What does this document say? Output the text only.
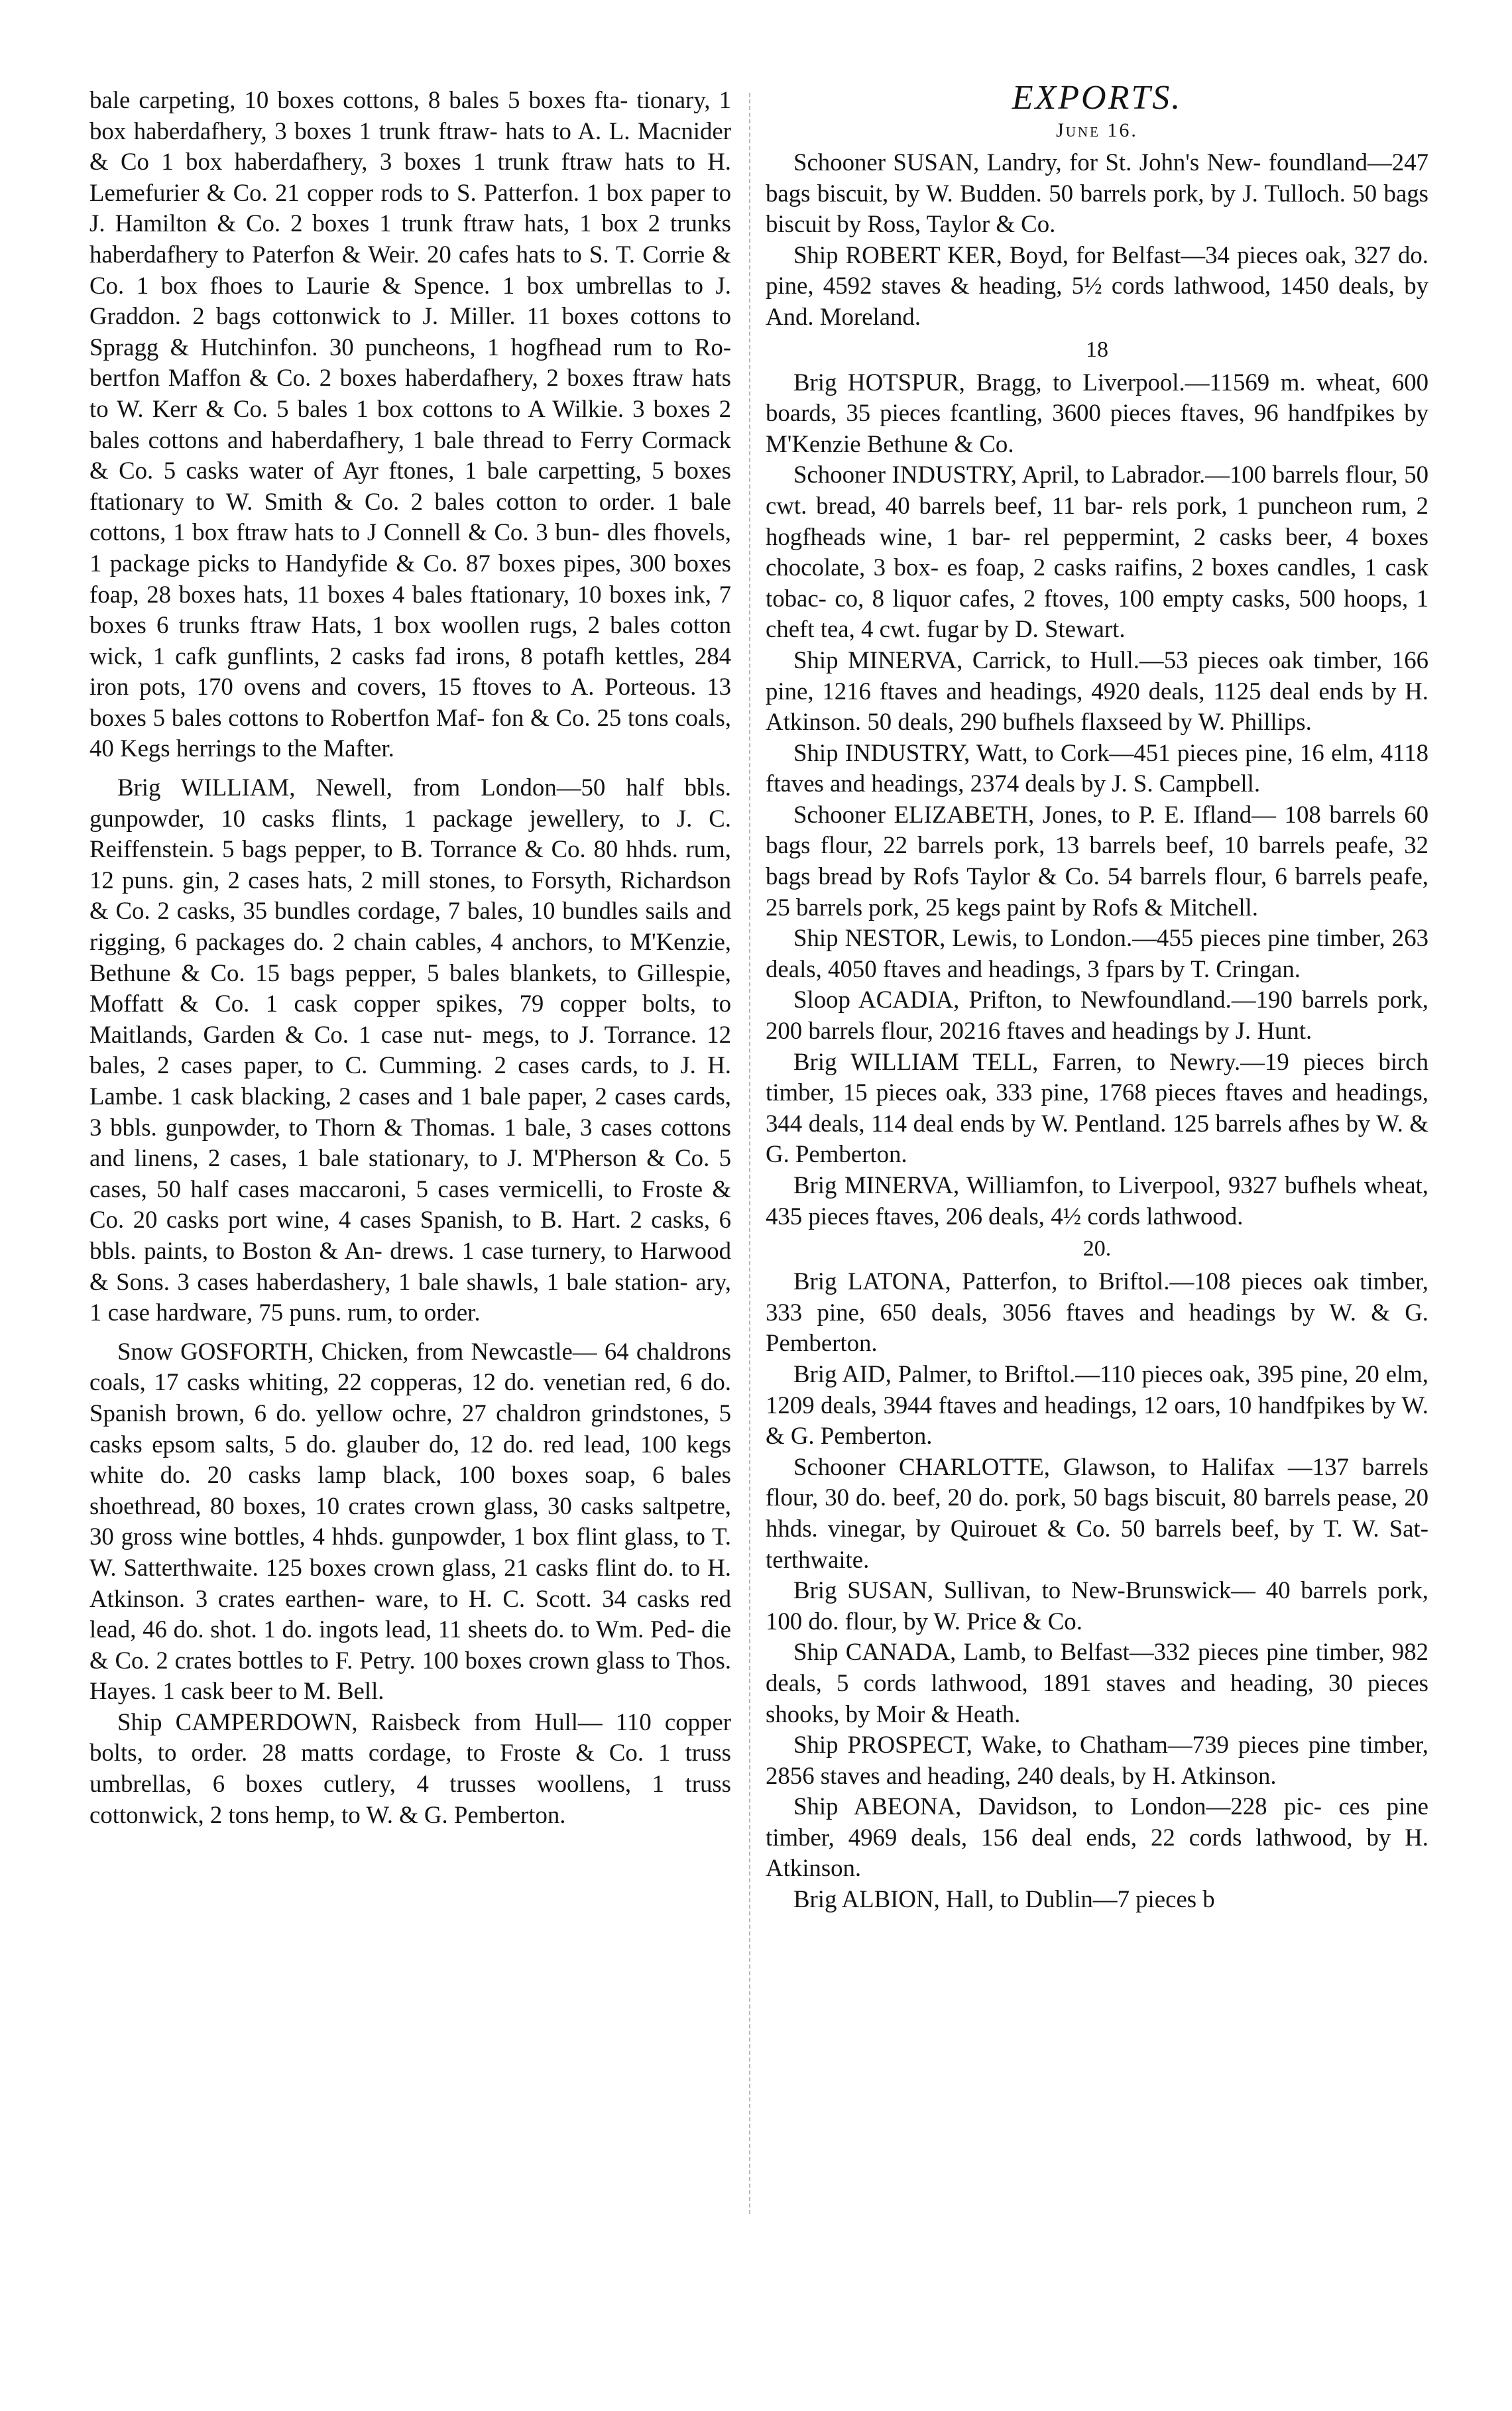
bale carpeting, 10 boxes cottons, 8 bales 5 boxes fta- tionary, 1 box haberdafhery, 3 boxes 1 trunk ftraw- hats to A. L. Macnider & Co 1 box haberdafhery, 3 boxes 1 trunk ftraw hats to H. Lemefurier & Co. 21 copper rods to S. Patterfon. 1 box paper to J. Hamilton & Co. 2 boxes 1 trunk ftraw hats, 1 box 2 trunks haberdafhery to Paterfon & Weir. 20 cafes hats to S. T. Corrie & Co. 1 box fhoes to Laurie & Spence. 1 box umbrellas to J. Graddon. 2 bags cottonwick to J. Miller. 11 boxes cottons to Spragg & Hutchinfon. 30 puncheons, 1 hogfhead rum to Ro- bertfon Maffon & Co. 2 boxes haberdafhery, 2 boxes ftraw hats to W. Kerr & Co. 5 bales 1 box cottons to A Wilkie. 3 boxes 2 bales cottons and haberdafhery, 1 bale thread to Ferry Cormack & Co. 5 casks water of Ayr ftones, 1 bale carpetting, 5 boxes ftationary to W. Smith & Co. 2 bales cotton to order. 1 bale cottons, 1 box ftraw hats to J Connell & Co. 3 bun- dles fhovels, 1 package picks to Handyfide & Co. 87 boxes pipes, 300 boxes foap, 28 boxes hats, 11 boxes 4 bales ftationary, 10 boxes ink, 7 boxes 6 trunks ftraw Hats, 1 box woollen rugs, 2 bales cotton wick, 1 cafk gunflints, 2 casks fad irons, 8 potafh kettles, 284 iron pots, 170 ovens and covers, 15 ftoves to A. Porteous. 13 boxes 5 bales cottons to Robertfon Maf- fon & Co. 25 tons coals, 40 Kegs herrings to the Mafter.

Brig WILLIAM, Newell, from London—50 half bbls. gunpowder, 10 casks flints, 1 package jewellery, to J. C. Reiffenstein. 5 bags pepper, to B. Torrance & Co. 80 hhds. rum, 12 puns. gin, 2 cases hats, 2 mill stones, to Forsyth, Richardson & Co. 2 casks, 35 bundles cordage, 7 bales, 10 bundles sails and rigging, 6 packages do. 2 chain cables, 4 anchors, to M'Kenzie, Bethune & Co. 15 bags pepper, 5 bales blankets, to Gillespie, Moffatt & Co. 1 cask copper spikes, 79 copper bolts, to Maitlands, Garden & Co. 1 case nut- megs, to J. Torrance. 12 bales, 2 cases paper, to C. Cumming. 2 cases cards, to J. H. Lambe. 1 cask blacking, 2 cases and 1 bale paper, 2 cases cards, 3 bbls. gunpowder, to Thorn & Thomas. 1 bale, 3 cases cottons and linens, 2 cases, 1 bale stationary, to J. M'Pherson & Co. 5 cases, 50 half cases maccaroni, 5 cases vermicelli, to Froste & Co. 20 casks port wine, 4 cases Spanish, to B. Hart. 2 casks, 6 bbls. paints, to Boston & An- drews. 1 case turnery, to Harwood & Sons. 3 cases haberdashery, 1 bale shawls, 1 bale station- ary, 1 case hardware, 75 puns. rum, to order.

Snow GOSFORTH, Chicken, from Newcastle— 64 chaldrons coals, 17 casks whiting, 22 copperas, 12 do. venetian red, 6 do. Spanish brown, 6 do. yellow ochre, 27 chaldron grindstones, 5 casks epsom salts, 5 do. glauber do, 12 do. red lead, 100 kegs white do. 20 casks lamp black, 100 boxes soap, 6 bales shoethread, 80 boxes, 10 crates crown glass, 30 casks saltpetre, 30 gross wine bottles, 4 hhds. gunpowder, 1 box flint glass, to T. W. Satterthwaite. 125 boxes crown glass, 21 casks flint do. to H. Atkinson. 3 crates earthen- ware, to H. C. Scott. 34 casks red lead, 46 do. shot. 1 do. ingots lead, 11 sheets do. to Wm. Ped- die & Co. 2 crates bottles to F. Petry. 100 boxes crown glass to Thos. Hayes. 1 cask beer to M. Bell.

Ship CAMPERDOWN, Raisbeck from Hull— 110 copper bolts, to order. 28 matts cordage, to Froste & Co. 1 truss umbrellas, 6 boxes cutlery, 4 trusses woollens, 1 truss cottonwick, 2 tons hemp, to W. & G. Pemberton.

EXPORTS.
June 16.

Schooner SUSAN, Landry, for St. John's New- foundland—247 bags biscuit, by W. Budden. 50 barrels pork, by J. Tulloch. 50 bags biscuit by Ross, Taylor & Co.

Ship ROBERT KER, Boyd, for Belfast—34 pieces oak, 327 do. pine, 4592 staves & heading, 5½ cords lathwood, 1450 deals, by And. Moreland.

18

Brig HOTSPUR, Bragg, to Liverpool.—11569 m. wheat, 600 boards, 35 pieces fcantling, 3600 pieces ftaves, 96 handfpikes by M'Kenzie Bethune & Co.

Schooner INDUSTRY, April, to Labrador.—100 barrels flour, 50 cwt. bread, 40 barrels beef, 11 bar- rels pork, 1 puncheon rum, 2 hogfheads wine, 1 bar- rel peppermint, 2 casks beer, 4 boxes chocolate, 3 box- es foap, 2 casks raifins, 2 boxes candles, 1 cask tobac- co, 8 liquor cafes, 2 ftoves, 100 empty casks, 500 hoops, 1 cheft tea, 4 cwt. fugar by D. Stewart.

Ship MINERVA, Carrick, to Hull.—53 pieces oak timber, 166 pine, 1216 ftaves and headings, 4920 deals, 1125 deal ends by H. Atkinson. 50 deals, 290 bufhels flaxseed by W. Phillips.

Ship INDUSTRY, Watt, to Cork—451 pieces pine, 16 elm, 4118 ftaves and headings, 2374 deals by J. S. Campbell.

Schooner ELIZABETH, Jones, to P. E. Ifland— 108 barrels 60 bags flour, 22 barrels pork, 13 barrels beef, 10 barrels peafe, 32 bags bread by Rofs Taylor & Co. 54 barrels flour, 6 barrels peafe, 25 barrels pork, 25 kegs paint by Rofs & Mitchell.

Ship NESTOR, Lewis, to London.—455 pieces pine timber, 263 deals, 4050 ftaves and headings, 3 fpars by T. Cringan.

Sloop ACADIA, Prifton, to Newfoundland.—190 barrels pork, 200 barrels flour, 20216 ftaves and headings by J. Hunt.

Brig WILLIAM TELL, Farren, to Newry.—19 pieces birch timber, 15 pieces oak, 333 pine, 1768 pieces ftaves and headings, 344 deals, 114 deal ends by W. Pentland. 125 barrels afhes by W. & G. Pemberton.

Brig MINERVA, Williamfon, to Liverpool, 9327 bufhels wheat, 435 pieces ftaves, 206 deals, 4½ cords lathwood.

20.

Brig LATONA, Patterfon, to Briftol.—108 pieces oak timber, 333 pine, 650 deals, 3056 ftaves and headings by W. & G. Pemberton.

Brig AID, Palmer, to Briftol.—110 pieces oak, 395 pine, 20 elm, 1209 deals, 3944 ftaves and headings, 12 oars, 10 handfpikes by W. & G. Pemberton.

Schooner CHARLOTTE, Glawson, to Halifax —137 barrels flour, 30 do. beef, 20 do. pork, 50 bags biscuit, 80 barrels pease, 20 hhds. vinegar, by Quirouet & Co. 50 barrels beef, by T. W. Sat- terthwaite.

Brig SUSAN, Sullivan, to New-Brunswick— 40 barrels pork, 100 do. flour, by W. Price & Co.

Ship CANADA, Lamb, to Belfast—332 pieces pine timber, 982 deals, 5 cords lathwood, 1891 staves and heading, 30 pieces shooks, by Moir & Heath.

Ship PROSPECT, Wake, to Chatham—739 pieces pine timber, 2856 staves and heading, 240 deals, by H. Atkinson.

Ship ABEONA, Davidson, to London—228 pic- ces pine timber, 4969 deals, 156 deal ends, 22 cords lathwood, by H. Atkinson.

Brig ALBION, Hall, to Dublin—7 pieces b
